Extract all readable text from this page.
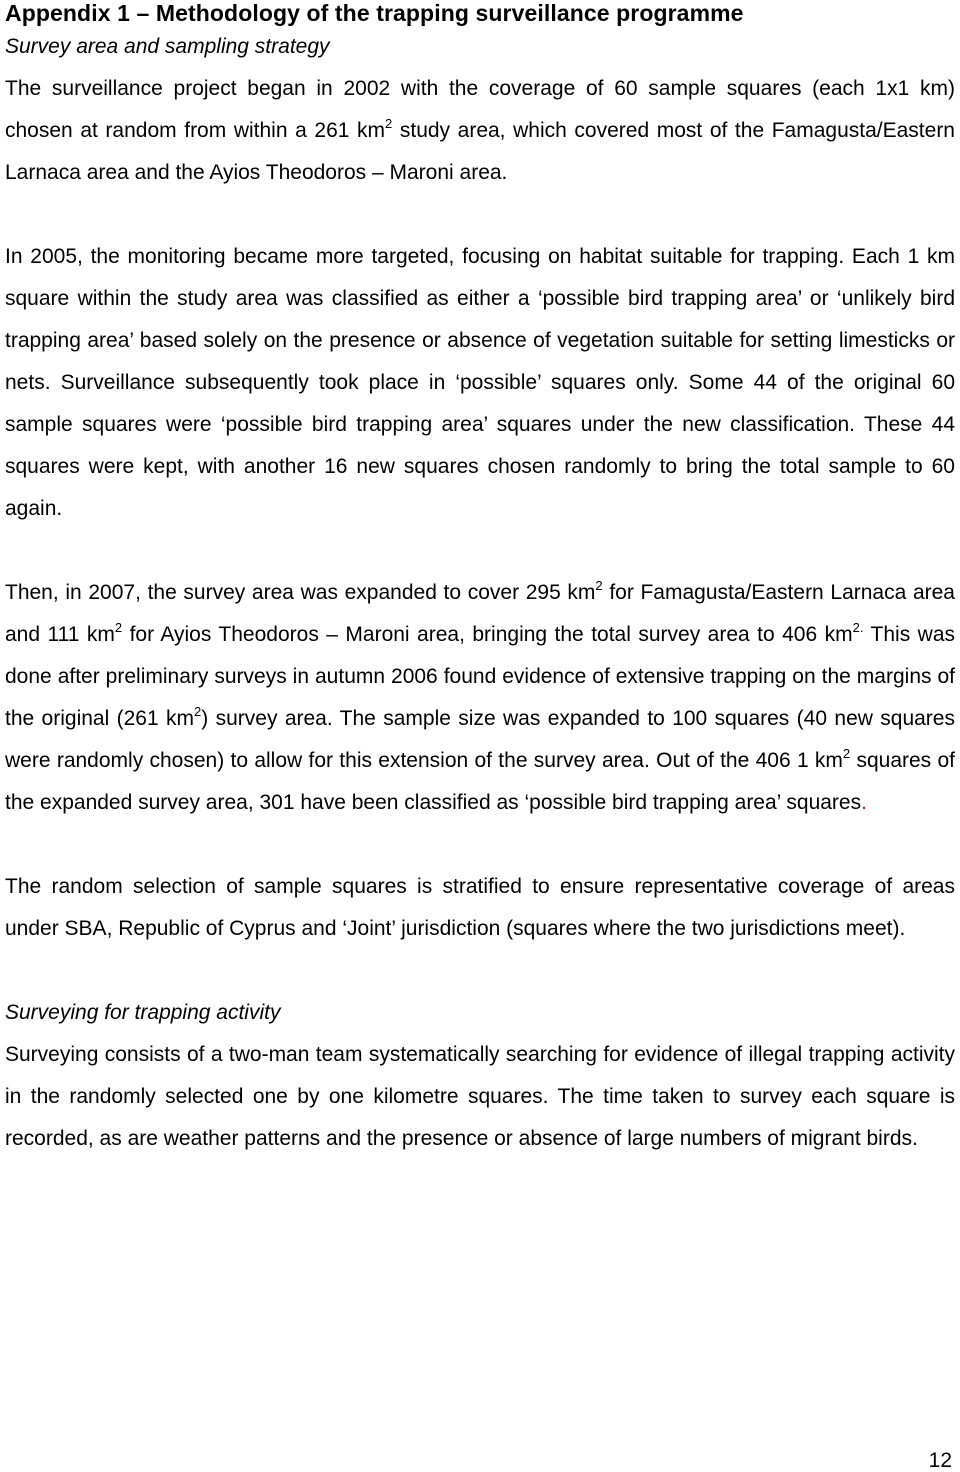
Appendix 1 – Methodology of the trapping surveillance programme
Survey area and sampling strategy

The surveillance project began in 2002 with the coverage of 60 sample squares (each 1x1 km) chosen at random from within a 261 $km^2$ study area, which covered most of the Famagusta/Eastern Larnaca area and the Ayios Theodoros – Maroni area.

In 2005, the monitoring became more targeted, focusing on habitat suitable for trapping. Each 1 km square within the study area was classified as either a ‘possible bird trapping area’ or ‘unlikely bird trapping area’ based solely on the presence or absence of vegetation suitable for setting limesticks or nets. Surveillance subsequently took place in ‘possible’ squares only. Some 44 of the original 60 sample squares were ‘possible bird trapping area’ squares under the new classification. These 44 squares were kept, with another 16 new squares chosen randomly to bring the total sample to 60 again.

Then, in 2007, the survey area was expanded to cover 295 $km^2$ for Famagusta/Eastern Larnaca area and 111 $km^2$ for Ayios Theodoros – Maroni area, bringing the total survey area to 406 $km^{2.}$ This was done after preliminary surveys in autumn 2006 found evidence of extensive trapping on the margins of the original (261 $km^2$) survey area. The sample size was expanded to 100 squares (40 new squares were randomly chosen) to allow for this extension of the survey area. Out of the 406 1 $km^2$ squares of the expanded survey area, 301 have been classified as ‘possible bird trapping area’ squares.

The random selection of sample squares is stratified to ensure representative coverage of areas under SBA, Republic of Cyprus and ‘Joint’ jurisdiction (squares where the two jurisdictions meet).

Surveying for trapping activity

Surveying consists of a two-man team systematically searching for evidence of illegal trapping activity in the randomly selected one by one kilometre squares. The time taken to survey each square is recorded, as are weather patterns and the presence or absence of large numbers of migrant birds.

12
